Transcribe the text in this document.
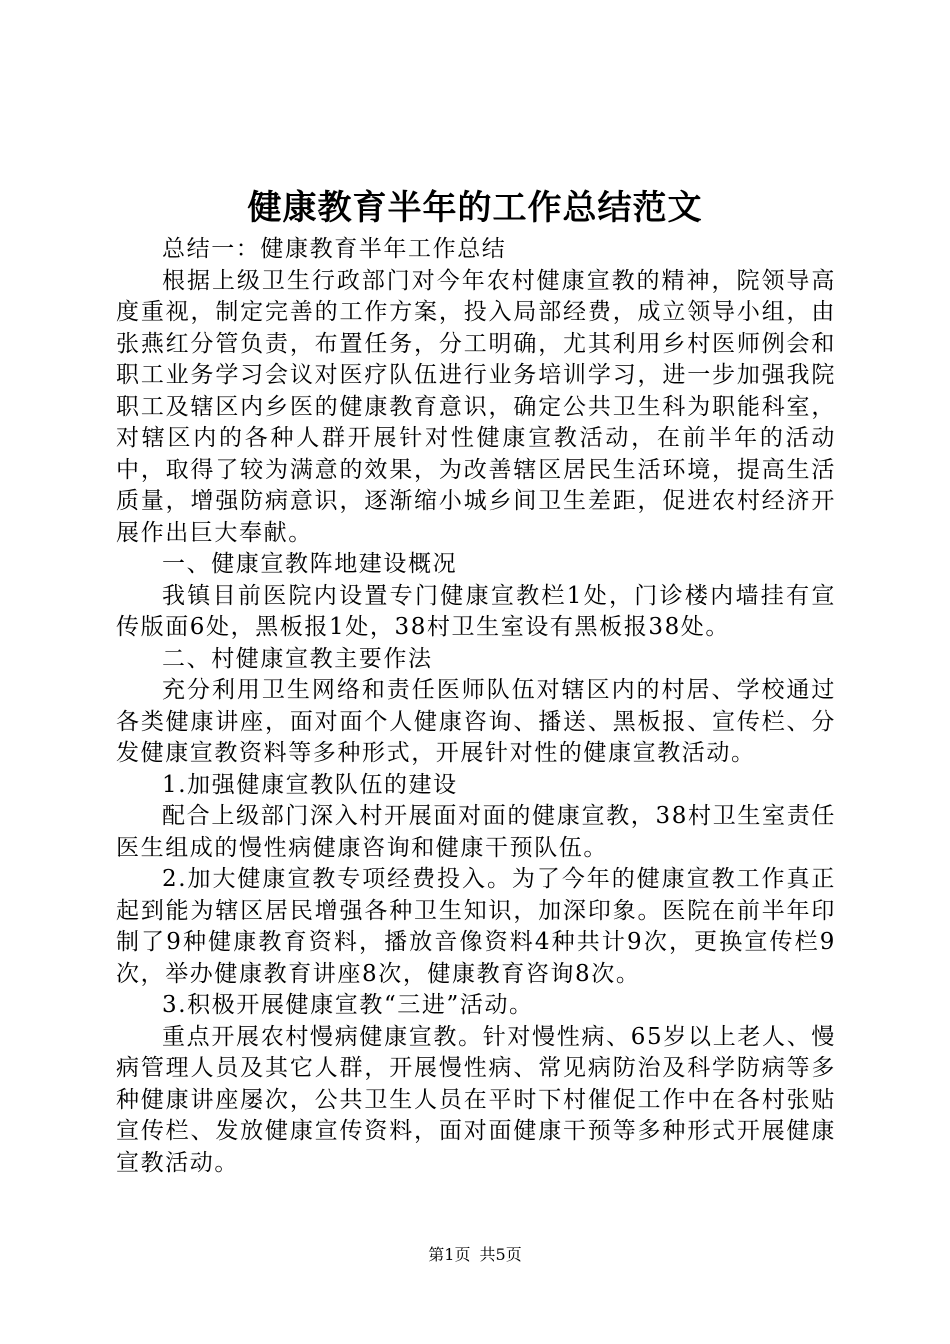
健康教育半年的工作总结范文

总结一：健康教育半年工作总结

根据上级卫生行政部门对今年农村健康宣教的精神，院领导高度重视，制定完善的工作方案，投入局部经费，成立领导小组，由张燕红分管负责，布置任务，分工明确，尤其利用乡村医师例会和职工业务学习会议对医疗队伍进行业务培训学习，进一步加强我院职工及辖区内乡医的健康教育意识，确定公共卫生科为职能科室，对辖区内的各种人群开展针对性健康宣教活动，在前半年的活动中，取得了较为满意的效果，为改善辖区居民生活环境，提高生活质量，增强防病意识，逐渐缩小城乡间卫生差距，促进农村经济开展作出巨大奉献。

一、健康宣教阵地建设概况

我镇目前医院内设置专门健康宣教栏1处，门诊楼内墙挂有宣传版面6处，黑板报1处，38村卫生室设有黑板报38处。

二、村健康宣教主要作法

充分利用卫生网络和责任医师队伍对辖区内的村居、学校通过各类健康讲座，面对面个人健康咨询、播送、黑板报、宣传栏、分发健康宣教资料等多种形式，开展针对性的健康宣教活动。

1.加强健康宣教队伍的建设

配合上级部门深入村开展面对面的健康宣教，38村卫生室责任医生组成的慢性病健康咨询和健康干预队伍。

2.加大健康宣教专项经费投入。为了今年的健康宣教工作真正起到能为辖区居民增强各种卫生知识，加深印象。医院在前半年印制了9种健康教育资料，播放音像资料4种共计9次，更换宣传栏9次，举办健康教育讲座8次，健康教育咨询8次。

3.积极开展健康宣教“三进”活动。

重点开展农村慢病健康宣教。针对慢性病、65岁以上老人、慢病管理人员及其它人群，开展慢性病、常见病防治及科学防病等多种健康讲座屡次，公共卫生人员在平时下村催促工作中在各村张贴宣传栏、发放健康宣传资料，面对面健康干预等多种形式开展健康宣教活动。

第1页 共5页
